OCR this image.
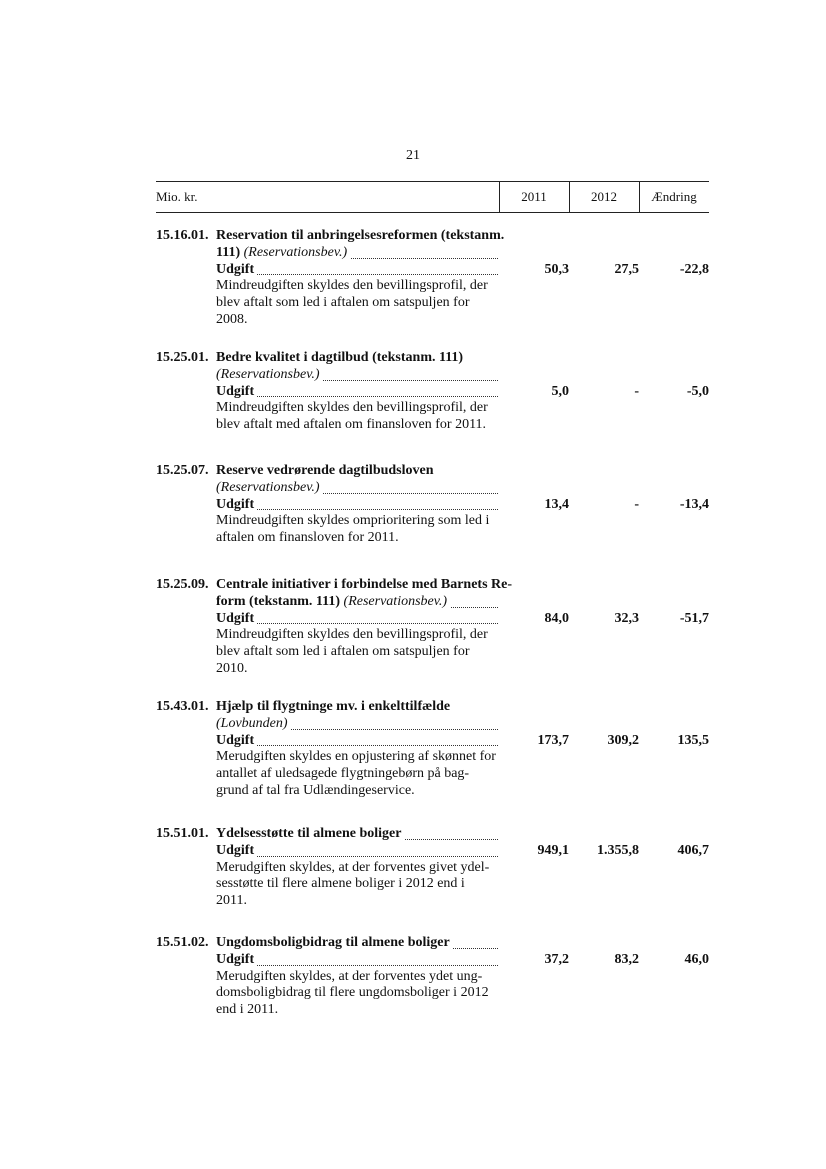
21
Mio. kr.	2011	2012	Ændring
15.16.01. Reservation til anbringelsesreformen (tekstanm.
111) (Reservationsbev.)
Udgift
Mindreudgiften skyldes den bevillingsprofil, der
blev aftalt som led i aftalen om satspuljen for
2008.
50,3	27,5	-22,8
15.25.01. Bedre kvalitet i dagtilbud (tekstanm. 111)
(Reservationsbev.)
Udgift
Mindreudgiften skyldes den bevillingsprofil, der
blev aftalt med aftalen om finansloven for 2011.
5,0	-	-5,0
15.25.07. Reserve vedrørende dagtilbudsloven
(Reservationsbev.)
Udgift
Mindreudgiften skyldes omprioritering som led i
aftalen om finansloven for 2011.
13,4	-	-13,4
15.25.09. Centrale initiativer i forbindelse med Barnets Re-
form (tekstanm. 111) (Reservationsbev.)
Udgift
Mindreudgiften skyldes den bevillingsprofil, der
blev aftalt som led i aftalen om satspuljen for
2010.
84,0	32,3	-51,7
15.43.01. Hjælp til flygtninge mv. i enkelttilfælde
(Lovbunden)
Udgift
Merudgiften skyldes en opjustering af skønnet for
antallet af uledsagede flygtningebørn på bag-
grund af tal fra Udlændingeservice.
173,7	309,2	135,5
15.51.01. Ydelsesstøtte til almene boliger
Udgift
Merudgiften skyldes, at der forventes givet ydel-
sesstøtte til flere almene boliger i 2012 end i
2011.
949,1	1.355,8	406,7
15.51.02. Ungdomsboligbidrag til almene boliger
Udgift
Merudgiften skyldes, at der forventes ydet ung-
domsboligbidrag til flere ungdomsboliger i 2012
end i 2011.
37,2	83,2	46,0
